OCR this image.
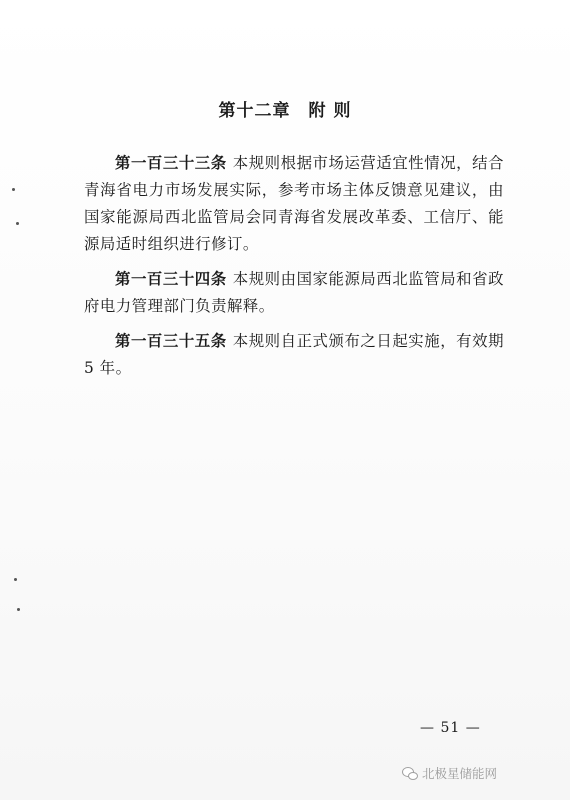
第十二章 附 则

第一百三十三条 本规则根据市场运营适宜性情况，结合青海省电力市场发展实际，参考市场主体反馈意见建议，由国家能源局西北监管局会同青海省发展改革委、工信厅、能源局适时组织进行修订。

第一百三十四条 本规则由国家能源局西北监管局和省政府电力管理部门负责解释。

第一百三十五条 本规则自正式颁布之日起实施，有效期 5 年。

— 51 —
北极星储能网
